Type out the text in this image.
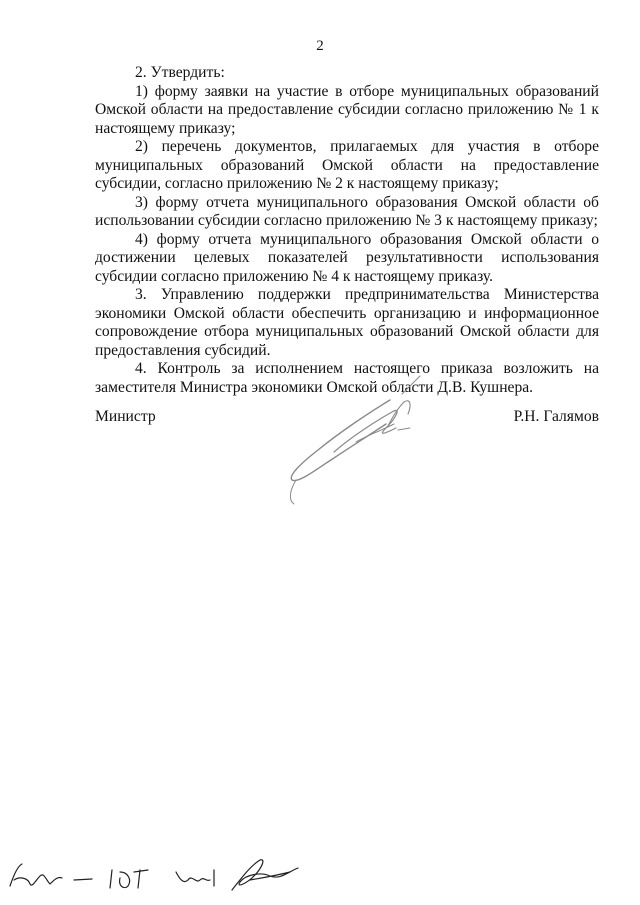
2

2. Утвердить:

1) форму заявки на участие в отборе муниципальных образований Омской области на предоставление субсидии согласно приложению № 1 к настоящему приказу;

2) перечень документов, прилагаемых для участия в отборе муниципальных образований Омской области на предоставление субсидии, согласно приложению № 2 к настоящему приказу;

3) форму отчета муниципального образования Омской области об использовании субсидии согласно приложению № 3 к настоящему приказу;

4) форму отчета муниципального образования Омской области о достижении целевых показателей результативности использования субсидии согласно приложению № 4 к настоящему приказу.

3. Управлению поддержки предпринимательства Министерства экономики Омской области обеспечить организацию и информационное сопровождение отбора муниципальных образований Омской области для предоставления субсидий.

4. Контроль за исполнением настоящего приказа возложить на заместителя Министра экономики Омской области Д.В. Кушнера.

Министр	Р.Н. Галямов
